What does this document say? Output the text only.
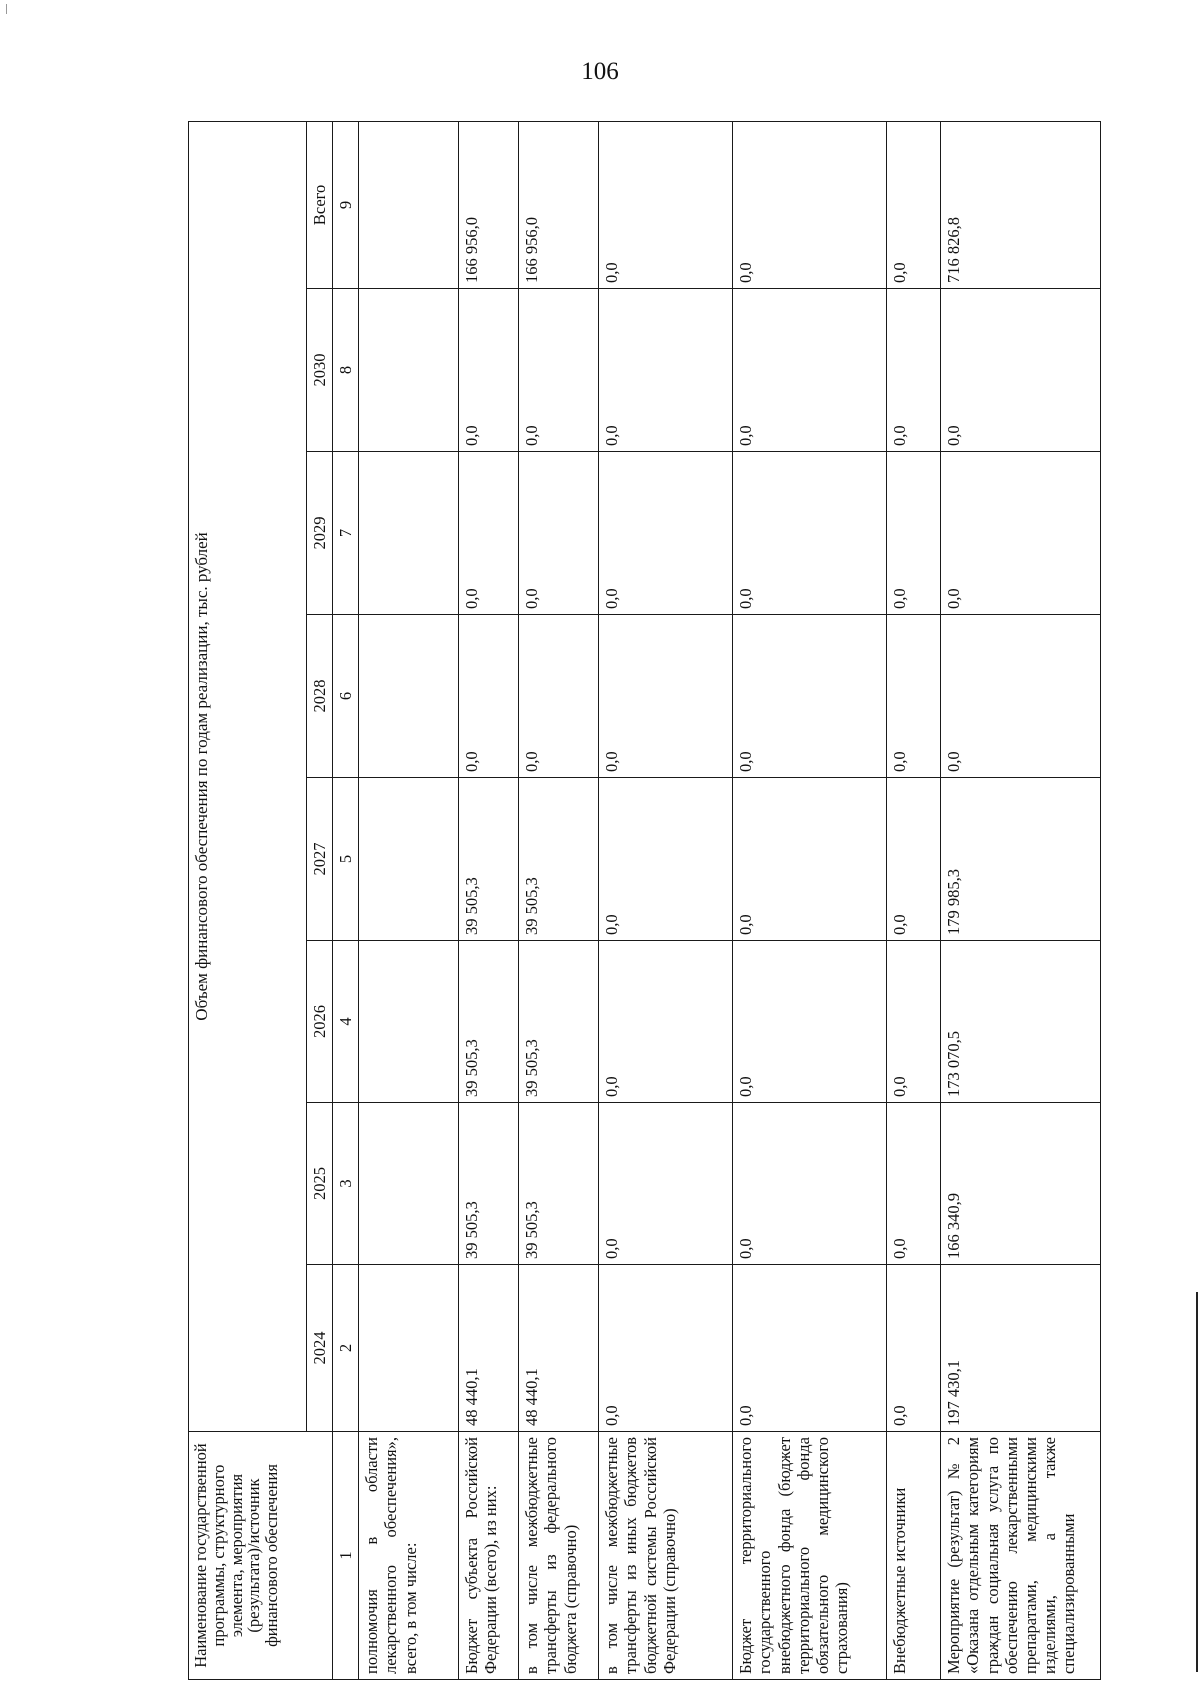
106
Наименование государственной программы, структурного элемента, мероприятия (результата)/источник финансового обеспечения	Объем финансового обеспечения по годам реализации, тыс. рублей							
	2024	2025	2026	2027	2028	2029	2030	Всего
1	2	3	4	5	6	7	8	9
полномочия в области лекарственного обеспечения», всего, в том числе:								
Бюджет субъекта Российской Федерации (всего), из них:	48 440,1	39 505,3	39 505,3	39 505,3	0,0	0,0	0,0	166 956,0
в том числе межбюджетные трансферты из федерального бюджета (справочно)	48 440,1	39 505,3	39 505,3	39 505,3	0,0	0,0	0,0	166 956,0
в том числе межбюджетные трансферты из иных бюджетов бюджетной системы Российской Федерации (справочно)	0,0	0,0	0,0	0,0	0,0	0,0	0,0	0,0
Бюджет территориального государственного внебюджетного фонда (бюджет территориального фонда обязательного медицинского страхования)	0,0	0,0	0,0	0,0	0,0	0,0	0,0	0,0
Внебюджетные источники	0,0	0,0	0,0	0,0	0,0	0,0	0,0	0,0
Мероприятие (результат) № 2 «Оказана отдельным категориям граждан социальная услуга по обеспечению лекарственными препаратами, медицинскими изделиями, а также специализированными	197 430,1	166 340,9	173 070,5	179 985,3	0,0	0,0	0,0	716 826,8
